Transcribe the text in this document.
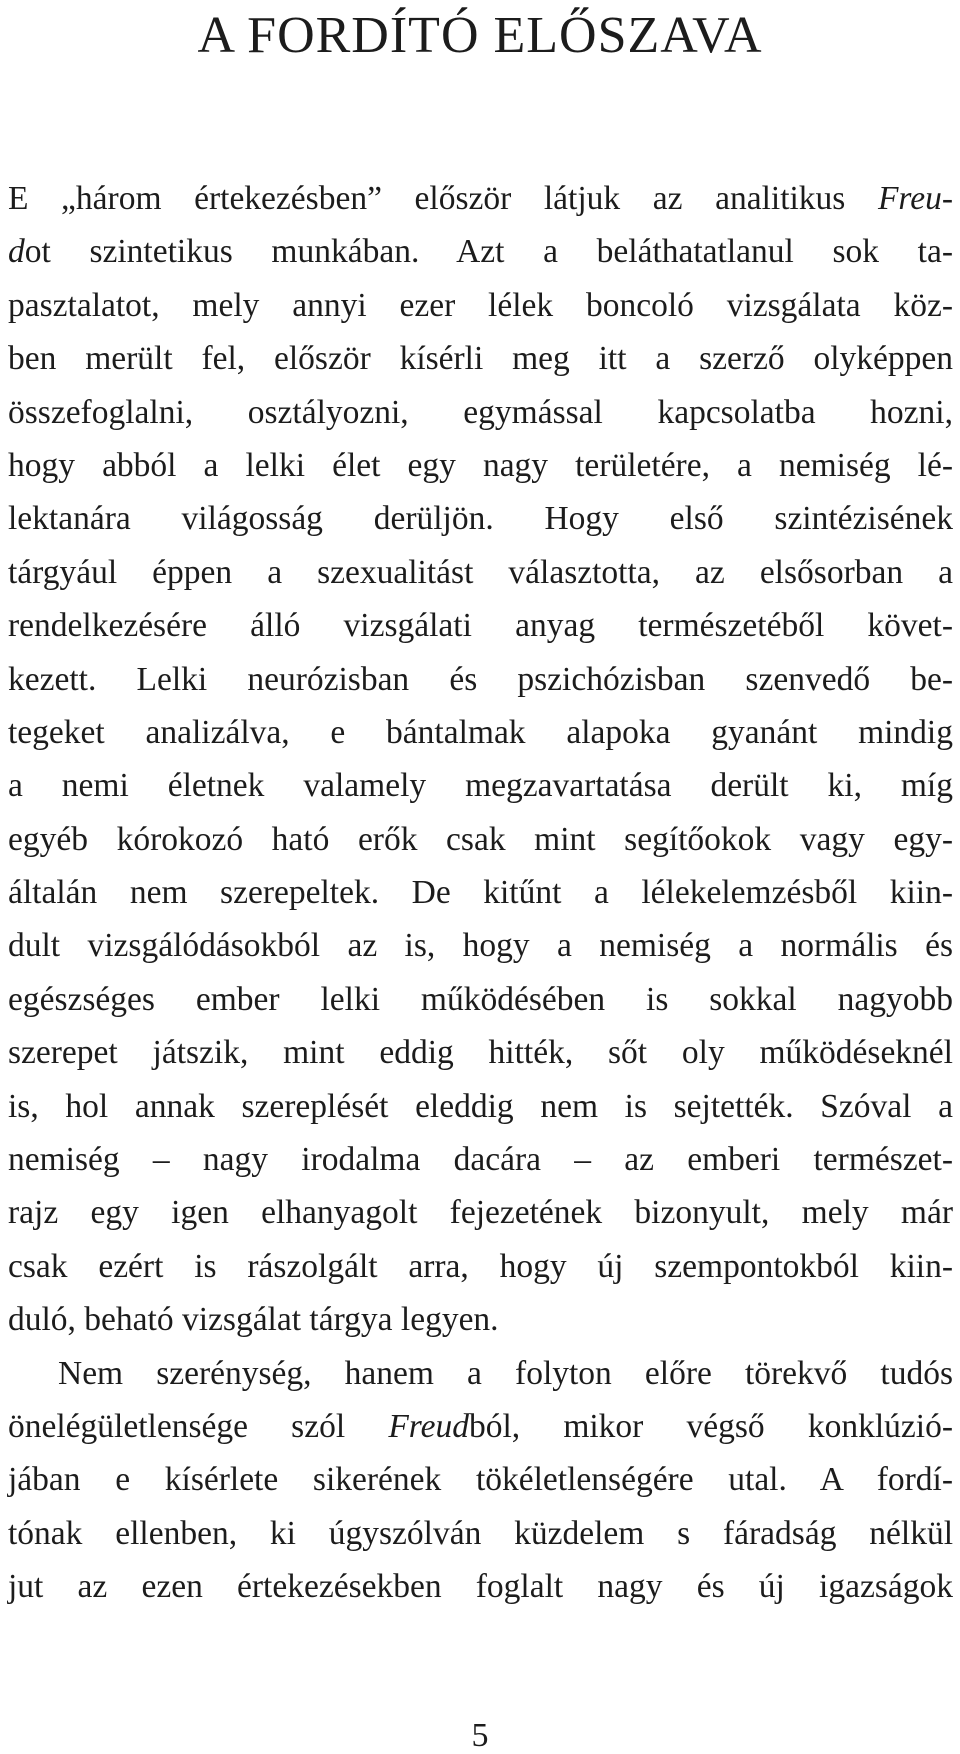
A FORDÍTÓ ELŐSZAVA
E „három értekezésben” először látjuk az analitikus Freu-
dot szintetikus munkában. Azt a beláthatatlanul sok ta-
pasztalatot, mely annyi ezer lélek boncoló vizsgálata köz-
ben merült fel, először kísérli meg itt a szerző olyképpen
összefoglalni, osztályozni, egymással kapcsolatba hozni,
hogy abból a lelki élet egy nagy területére, a nemiség lé-
lektanára világosság derüljön. Hogy első szintézisének
tárgyául éppen a szexualitást választotta, az elsősorban a
rendelkezésére álló vizsgálati anyag természetéből követ-
kezett. Lelki neurózisban és pszichózisban szenvedő be-
tegeket analizálva, e bántalmak alapoka gyanánt mindig
a nemi életnek valamely megzavartatása derült ki, míg
egyéb kórokozó ható erők csak mint segítőokok vagy egy-
általán nem szerepeltek. De kitűnt a lélekelemzésből kiin-
dult vizsgálódásokból az is, hogy a nemiség a normális és
egészséges ember lelki működésében is sokkal nagyobb
szerepet játszik, mint eddig hitték, sőt oly működéseknél
is, hol annak szereplését eleddig nem is sejtették. Szóval a
nemiség – nagy irodalma dacára – az emberi természet-
rajz egy igen elhanyagolt fejezetének bizonyult, mely már
csak ezért is rászolgált arra, hogy új szempontokból kiin-
duló, beható vizsgálat tárgya legyen.
Nem szerénység, hanem a folyton előre törekvő tudós
önelégületlensége szól Freudból, mikor végső konklúzió-
jában e kísérlete sikerének tökéletlenségére utal. A fordí-
tónak ellenben, ki úgyszólván küzdelem s fáradság nélkül
jut az ezen értekezésekben foglalt nagy és új igazságok
5
